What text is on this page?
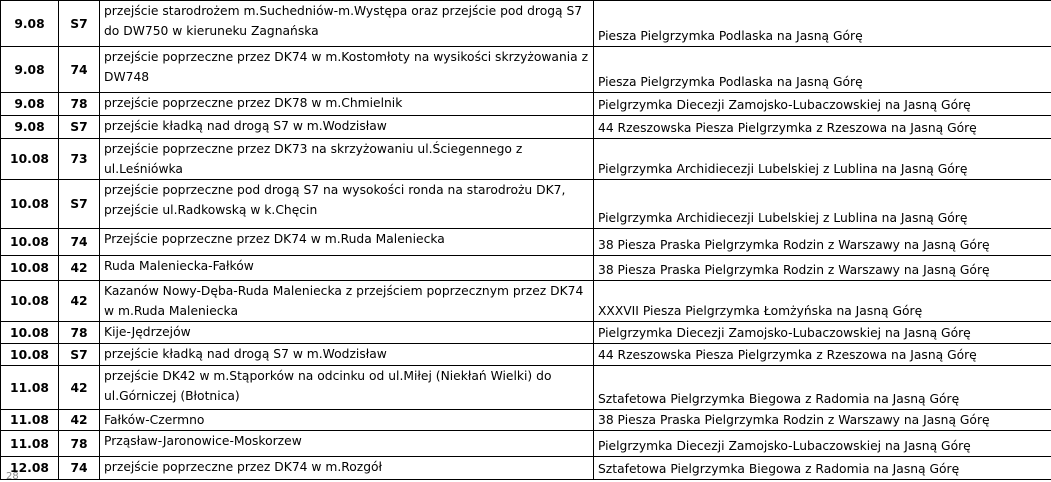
9.08	S7	przejście starodrożem m.Suchedniów-m.Występa oraz przejście pod drogą S7 do DW750 w kieruneku Zagnańska	Piesza Pielgrzymka Podlaska na Jasną Górę
9.08	74	przejście poprzeczne przez DK74 w m.Kostomłoty na wysikości skrzyżowania z DW748	Piesza Pielgrzymka Podlaska na Jasną Górę
9.08	78	przejście poprzeczne przez DK78 w m.Chmielnik	Pielgrzymka Diecezji Zamojsko-Lubaczowskiej na Jasną Górę
9.08	S7	przejście kładką nad drogą S7 w m.Wodzisław	44 Rzeszowska Piesza Pielgrzymka z Rzeszowa na Jasną Górę
10.08	73	przejście poprzeczne przez DK73 na skrzyżowaniu ul.Ściegennego z ul.Leśniówka	Pielgrzymka Archidiecezji Lubelskiej z Lublina na Jasną Górę
10.08	S7	przejście poprzeczne pod drogą S7 na wysokości ronda na starodrożu DK7, przejście ul.Radkowską w k.Chęcin	Pielgrzymka Archidiecezji Lubelskiej z Lublina na Jasną Górę
10.08	74	Przejście poprzeczne przez DK74 w m.Ruda Maleniecka	38 Piesza Praska Pielgrzymka Rodzin z Warszawy na Jasną Górę
10.08	42	Ruda Maleniecka-Fałków	38 Piesza Praska Pielgrzymka Rodzin z Warszawy na Jasną Górę
10.08	42	Kazanów Nowy-Dęba-Ruda Maleniecka z przejściem poprzecznym przez DK74 w m.Ruda Maleniecka	XXXVII Piesza Pielgrzymka Łomżyńska na Jasną Górę
10.08	78	Kije-Jędrzejów	Pielgrzymka Diecezji Zamojsko-Lubaczowskiej na Jasną Górę
10.08	S7	przejście kładką nad drogą S7 w m.Wodzisław	44 Rzeszowska Piesza Pielgrzymka z Rzeszowa na Jasną Górę
11.08	42	przejście DK42 w m.Stąporków na odcinku od ul.Miłej (Niekłań Wielki) do ul.Górniczej (Błotnica)	Sztafetowa Pielgrzymka Biegowa z Radomia na Jasną Górę
11.08	42	Fałków-Czermno	38 Piesza Praska Pielgrzymka Rodzin z Warszawy na Jasną Górę
11.08	78	Prząsław-Jaronowice-Moskorzew	Pielgrzymka Diecezji Zamojsko-Lubaczowskiej na Jasną Górę
12.08	74	przejście poprzeczne przez DK74 w m.Rozgół	Sztafetowa Pielgrzymka Biegowa z Radomia na Jasną Górę
28
